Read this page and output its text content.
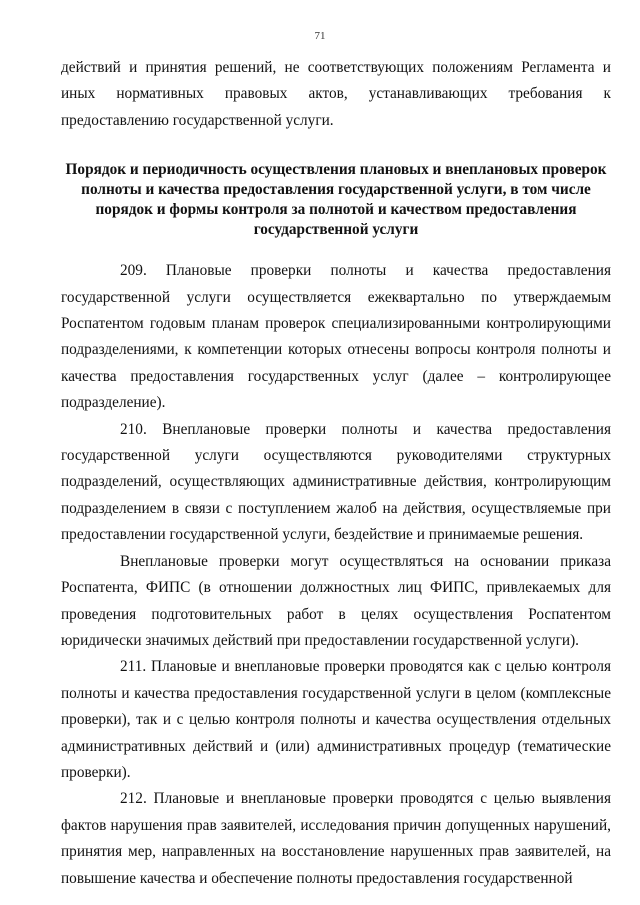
71

действий и принятия решений, не соответствующих положениям Регламента и иных нормативных правовых актов, устанавливающих требования к предоставлению государственной услуги.

Порядок и периодичность осуществления плановых и внеплановых проверок полноты и качества предоставления государственной услуги, в том числе порядок и формы контроля за полнотой и качеством предоставления государственной услуги

209. Плановые проверки полноты и качества предоставления государственной услуги осуществляется ежеквартально по утверждаемым Роспатентом годовым планам проверок специализированными контролирующими подразделениями, к компетенции которых отнесены вопросы контроля полноты и качества предоставления государственных услуг (далее – контролирующее подразделение).

210. Внеплановые проверки полноты и качества предоставления государственной услуги осуществляются руководителями структурных подразделений, осуществляющих административные действия, контролирующим подразделением в связи с поступлением жалоб на действия, осуществляемые при предоставлении государственной услуги, бездействие и принимаемые решения.

Внеплановые проверки могут осуществляться на основании приказа Роспатента, ФИПС (в отношении должностных лиц ФИПС, привлекаемых для проведения подготовительных работ в целях осуществления Роспатентом юридически значимых действий при предоставлении государственной услуги).

211. Плановые и внеплановые проверки проводятся как с целью контроля полноты и качества предоставления государственной услуги в целом (комплексные проверки), так и с целью контроля полноты и качества осуществления отдельных административных действий и (или) административных процедур (тематические проверки).

212. Плановые и внеплановые проверки проводятся с целью выявления фактов нарушения прав заявителей, исследования причин допущенных нарушений, принятия мер, направленных на восстановление нарушенных прав заявителей, на повышение качества и обеспечение полноты предоставления государственной
